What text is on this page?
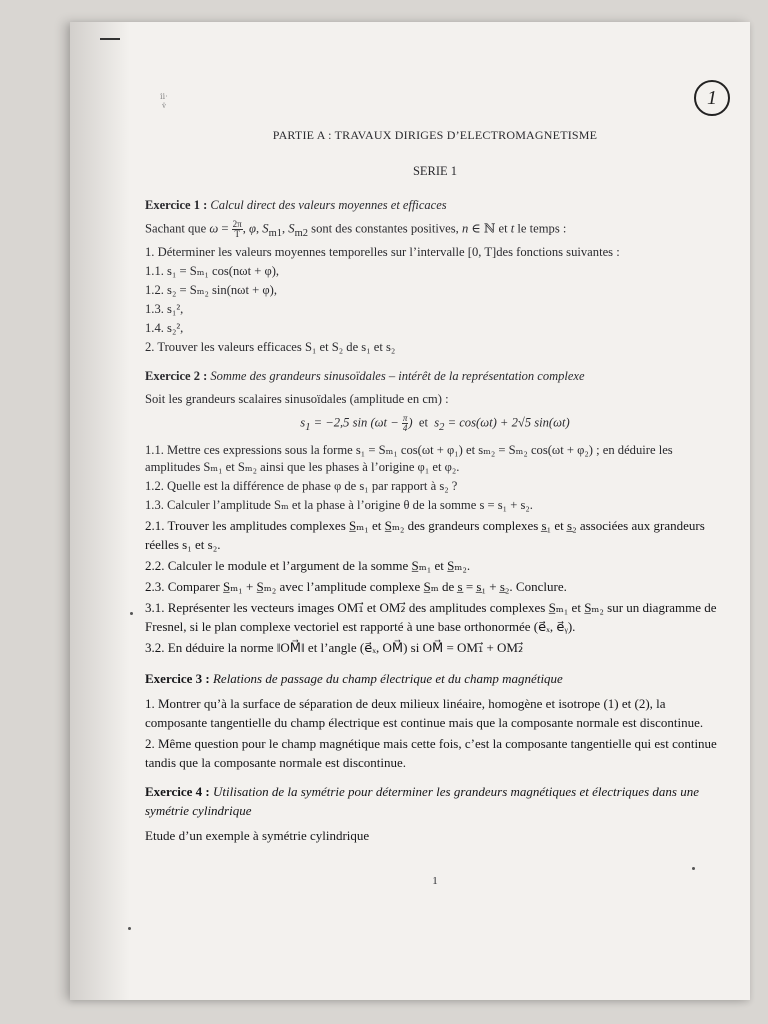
1
ⅱ·
v̈

PARTIE A : TRAVAUX DIRIGES D’ELECTROMAGNETISME

SERIE 1

Exercice 1 : Calcul direct des valeurs moyennes et efficaces

Sachant que $\omega = \frac{2\pi}{T}$ , φ, $S_{m1}$, $S_{m2}$ sont des constantes positives, n ∈ ℕ et t le temps :

1. Déterminer les valeurs moyennes temporelles sur l’intervalle [0, T]des fonctions suivantes :

1.1. s₁ = Sₘ₁ cos(nωt + φ),

1.2. s₂ = Sₘ₂ sin(nωt + φ),

1.3. s₁²,

1.4. s₂²,

2. Trouver les valeurs efficaces S₁ et S₂ de s₁ et s₂

Exercice 2 : Somme des grandeurs sinusoïdales – intérêt de la représentation complexe

Soit les grandeurs scalaires sinusoïdales (amplitude en cm) :

$s_1 = -2,5$ $\sin (\omega t - \frac{\pi}{4}$ )  et  $s_2 = \cos(\omega t) + 2√5$ sin(ωt)

1.1. Mettre ces expressions sous la forme s₁ = Sₘ₁ cos(ωt + φ₁) et sₘ₂ = Sₘ₂ cos(ωt + φ₂) ; en déduire les amplitudes Sₘ₁ et Sₘ₂ ainsi que les phases à l’origine φ₁ et φ₂.

1.2. Quelle est la différence de phase φ de s₁ par rapport à s₂ ?

1.3. Calculer l’amplitude Sₘ et la phase à l’origine θ de la somme s = s₁ + s₂.

2.1. Trouver les amplitudes complexes S̲ₘ₁ et S̲ₘ₂ des grandeurs complexes s̲₁ et s̲₂ associées aux grandeurs réelles s₁ et s₂.

2.2. Calculer le module et l’argument de la somme S̲ₘ₁ et S̲ₘ₂.

2.3. Comparer S̲ₘ₁ + S̲ₘ₂ avec l’amplitude complexe S̲ₘ de s̲ = s̲₁ + s̲₂. Conclure.

3.1. Représenter les vecteurs images OM₁⃗ et OM₂⃗ des amplitudes complexes S̲ₘ₁ et S̲ₘ₂ sur un diagramme de Fresnel, si le plan complexe vectoriel est rapporté à une base orthonormée (e⃗ₓ, e⃗ᵧ).

3.2. En déduire la norme ‖OM⃗‖ et l’angle (e⃗ₓ, OM⃗) si OM⃗ = OM₁⃗ + OM₂⃗

Exercice 3 : Relations de passage du champ électrique et du champ magnétique

1. Montrer qu’à la surface de séparation de deux milieux linéaire, homogène et isotrope (1) et (2), la composante tangentielle du champ électrique est continue mais que la composante normale est discontinue.

2. Même question pour le champ magnétique mais cette fois, c’est la composante tangentielle qui est continue tandis que la composante normale est discontinue.

Exercice 4 : Utilisation de la symétrie pour déterminer les grandeurs magnétiques et électriques dans une symétrie cylindrique

Etude d’un exemple à symétrie cylindrique

1
